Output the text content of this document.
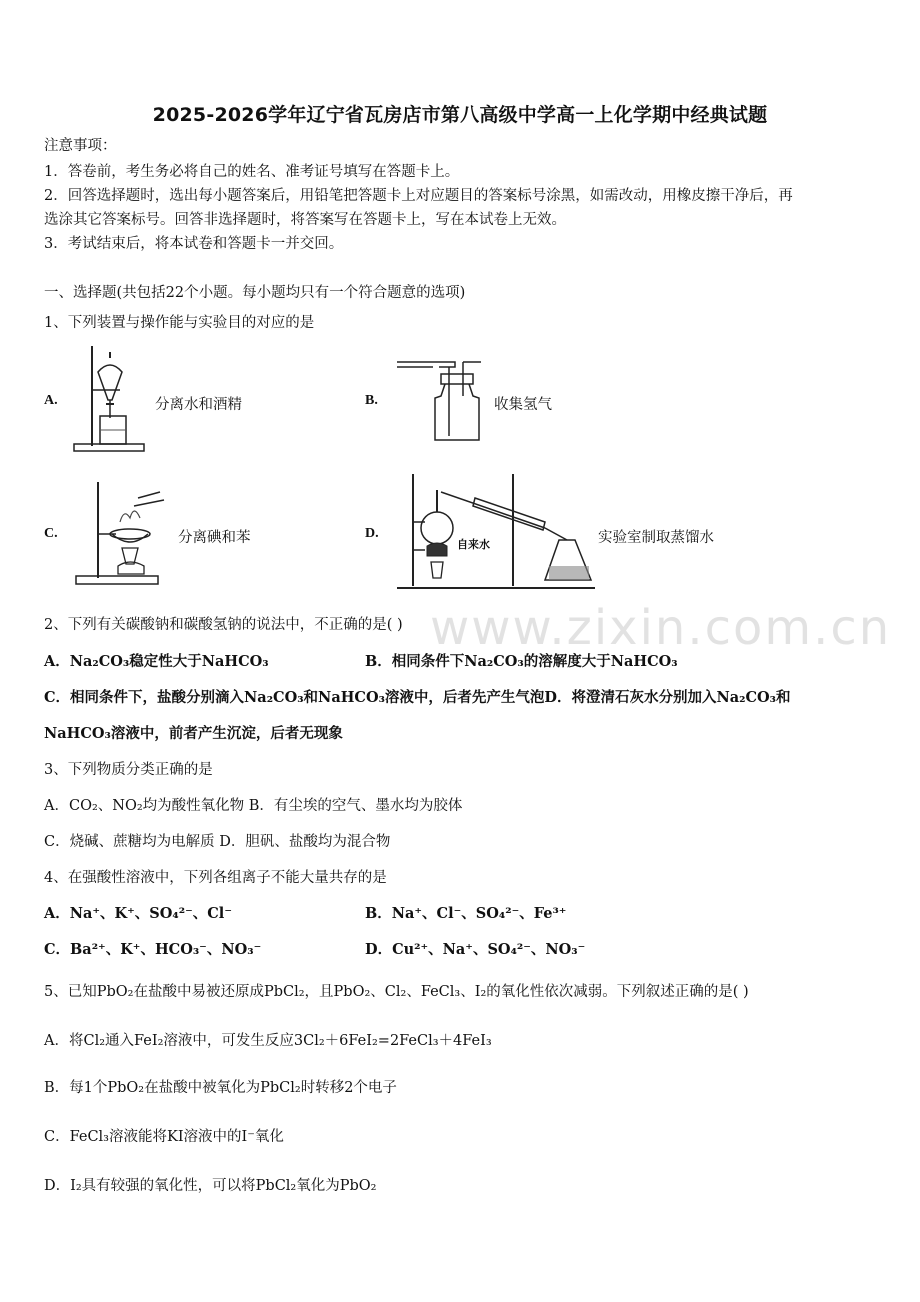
2025-2026学年辽宁省瓦房店市第八高级中学高一上化学期中经典试题
注意事项：
1．答卷前，考生务必将自己的姓名、准考证号填写在答题卡上。
2．回答选择题时，选出每小题答案后，用铅笔把答题卡上对应题目的答案标号涂黑，如需改动，用橡皮擦干净后，再
选涂其它答案标号。回答非选择题时，将答案写在答题卡上，写在本试卷上无效。
3．考试结束后，将本试卷和答题卡一并交回。
一、选择题(共包括22个小题。每小题均只有一个符合题意的选项)
1、下列装置与操作能与实验目的对应的是
A.	分离水和酒精	B.	收集氢气
C.	分离碘和苯	D.
自来水	实验室制取蒸馏水
www.zixin.com.cn
2、下列有关碳酸钠和碳酸氢钠的说法中，不正确的是( )
A．Na₂CO₃稳定性大于NaHCO₃	B．相同条件下Na₂CO₃的溶解度大于NaHCO₃
C．相同条件下，盐酸分别滴入Na₂CO₃和NaHCO₃溶液中，后者先产生气泡D．将澄清石灰水分别加入Na₂CO₃和
NaHCO₃溶液中，前者产生沉淀，后者无现象
3、下列物质分类正确的是
A．CO₂、NO₂均为酸性氧化物 B．有尘埃的空气、墨水均为胶体
C．烧碱、蔗糖均为电解质 D．胆矾、盐酸均为混合物
4、在强酸性溶液中，下列各组离子不能大量共存的是
A．Na⁺、K⁺、SO₄²⁻、Cl⁻	B．Na⁺、Cl⁻、SO₄²⁻、Fe³⁺
C．Ba²⁺、K⁺、HCO₃⁻、NO₃⁻	D．Cu²⁺、Na⁺、SO₄²⁻、NO₃⁻
5、已知PbO₂在盐酸中易被还原成PbCl₂，且PbO₂、Cl₂、FeCl₃、I₂的氧化性依次减弱。下列叙述正确的是( )
A．将Cl₂通入FeI₂溶液中，可发生反应3Cl₂＋6FeI₂=2FeCl₃＋4FeI₃
B．每1个PbO₂在盐酸中被氧化为PbCl₂时转移2个电子
C．FeCl₃溶液能将KI溶液中的I⁻氧化
D．I₂具有较强的氧化性，可以将PbCl₂氧化为PbO₂
